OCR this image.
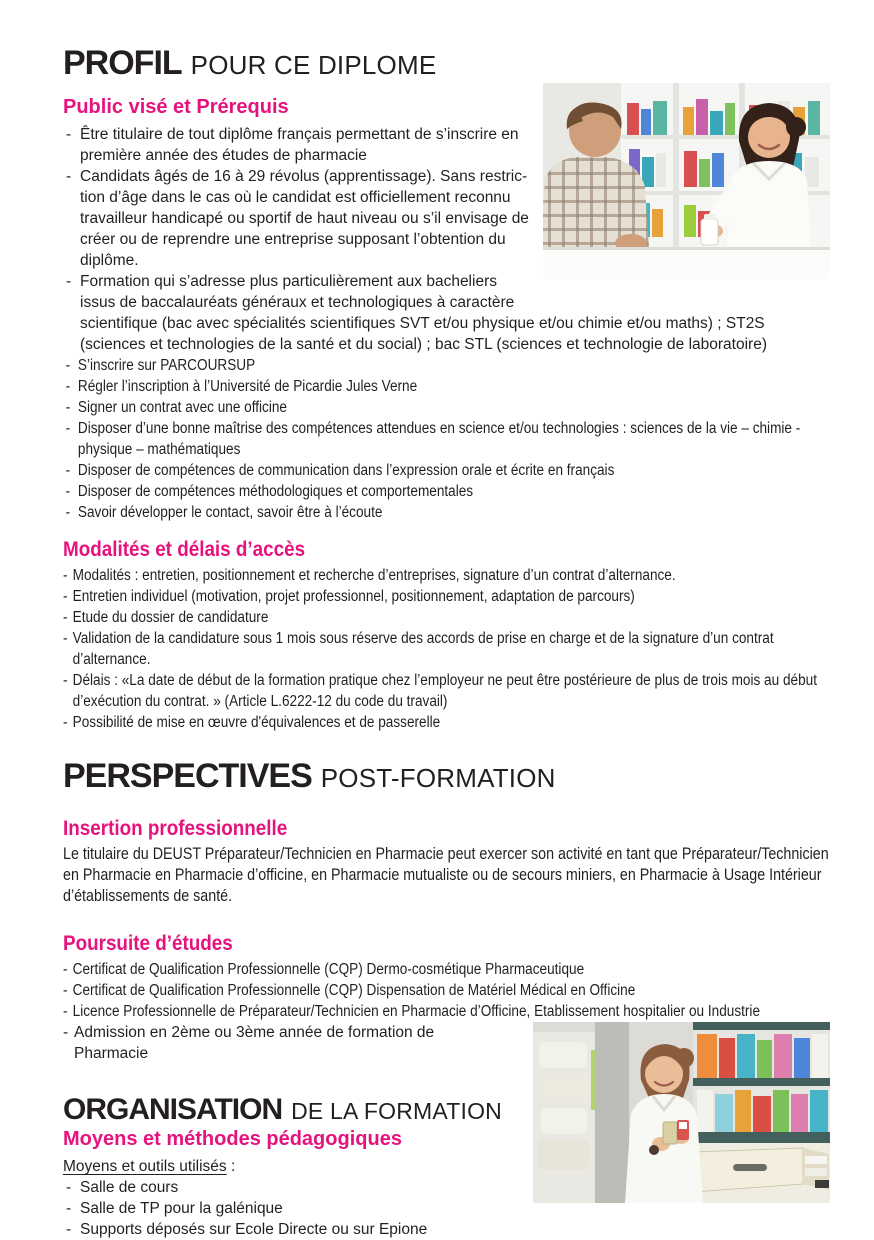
PROFIL POUR CE DIPLOME
Public visé et Prérequis
- Être titulaire de tout diplôme français permettant de s’inscrire en première année des études de pharmacie
- Candidats âgés de 16 à 29 révolus (apprentissage). Sans restriction d’âge dans le cas où le candidat est officiellement reconnu travailleur handicapé ou sportif de haut niveau ou s’il envisage de créer ou de reprendre une entreprise supposant l’obtention du diplôme.
- Formation qui s’adresse plus particulièrement aux bacheliers issus de baccalauréats généraux et technologiques à caractère scientifique (bac avec spécialités scientifiques SVT et/ou physique et/ou chimie et/ou maths) ; ST2S (sciences et technologies de la santé et du social) ; bac STL (sciences et technologie de laboratoire)
- S’inscrire sur PARCOURSUP
- Régler l’inscription à l’Université de Picardie Jules Verne
- Signer un contrat avec une officine
- Disposer d’une bonne maîtrise des compétences attendues en science et/ou technologies : sciences de la vie – chimie -physique – mathématiques
- Disposer de compétences de communication dans l’expression orale et écrite en français
- Disposer de compétences méthodologiques et comportementales
- Savoir développer le contact, savoir être à l’écoute
Modalités et délais d’accès
- Modalités : entretien, positionnement et recherche d’entreprises, signature d’un contrat d’alternance.
- Entretien individuel (motivation, projet professionnel, positionnement, adaptation de parcours)
- Etude du dossier de candidature
- Validation de la candidature sous 1 mois sous réserve des accords de prise en charge et de la signature d’un contrat d’alternance.
- Délais : «La date de début de la formation pratique chez l’employeur ne peut être postérieure de plus de trois mois au début d’exécution du contrat. » (Article L.6222-12 du code du travail)
- Possibilité de mise en œuvre d'équivalences et de passerelle
PERSPECTIVES POST-FORMATION
Insertion professionnelle
Le titulaire du DEUST Préparateur/​Technicien en Pharmacie peut exercer son activité en tant que Préparateur/​Technicien en Pharmacie en Pharmacie d’officine, en Pharmacie mutualiste ou de secours miniers, en Pharmacie à Usage Intérieur d’établissements de santé.
Poursuite d’études
- Certificat de Qualification Professionnelle (CQP) Dermo-cosmétique Pharmaceutique
- Certificat de Qualification Professionnelle (CQP) Dispensation de Matériel Médical en Officine
- Licence Professionnelle de Préparateur/​Technicien en Pharmacie d’Officine, Etablissement hospitalier ou Industrie
- Admission en 2ème ou 3ème année de formation de Pharmacie
ORGANISATION DE LA FORMATION
Moyens et méthodes pédagogiques
Moyens et outils utilisés :
- Salle de cours
- Salle de TP pour la galénique
- Supports déposés sur Ecole Directe ou sur Epione
